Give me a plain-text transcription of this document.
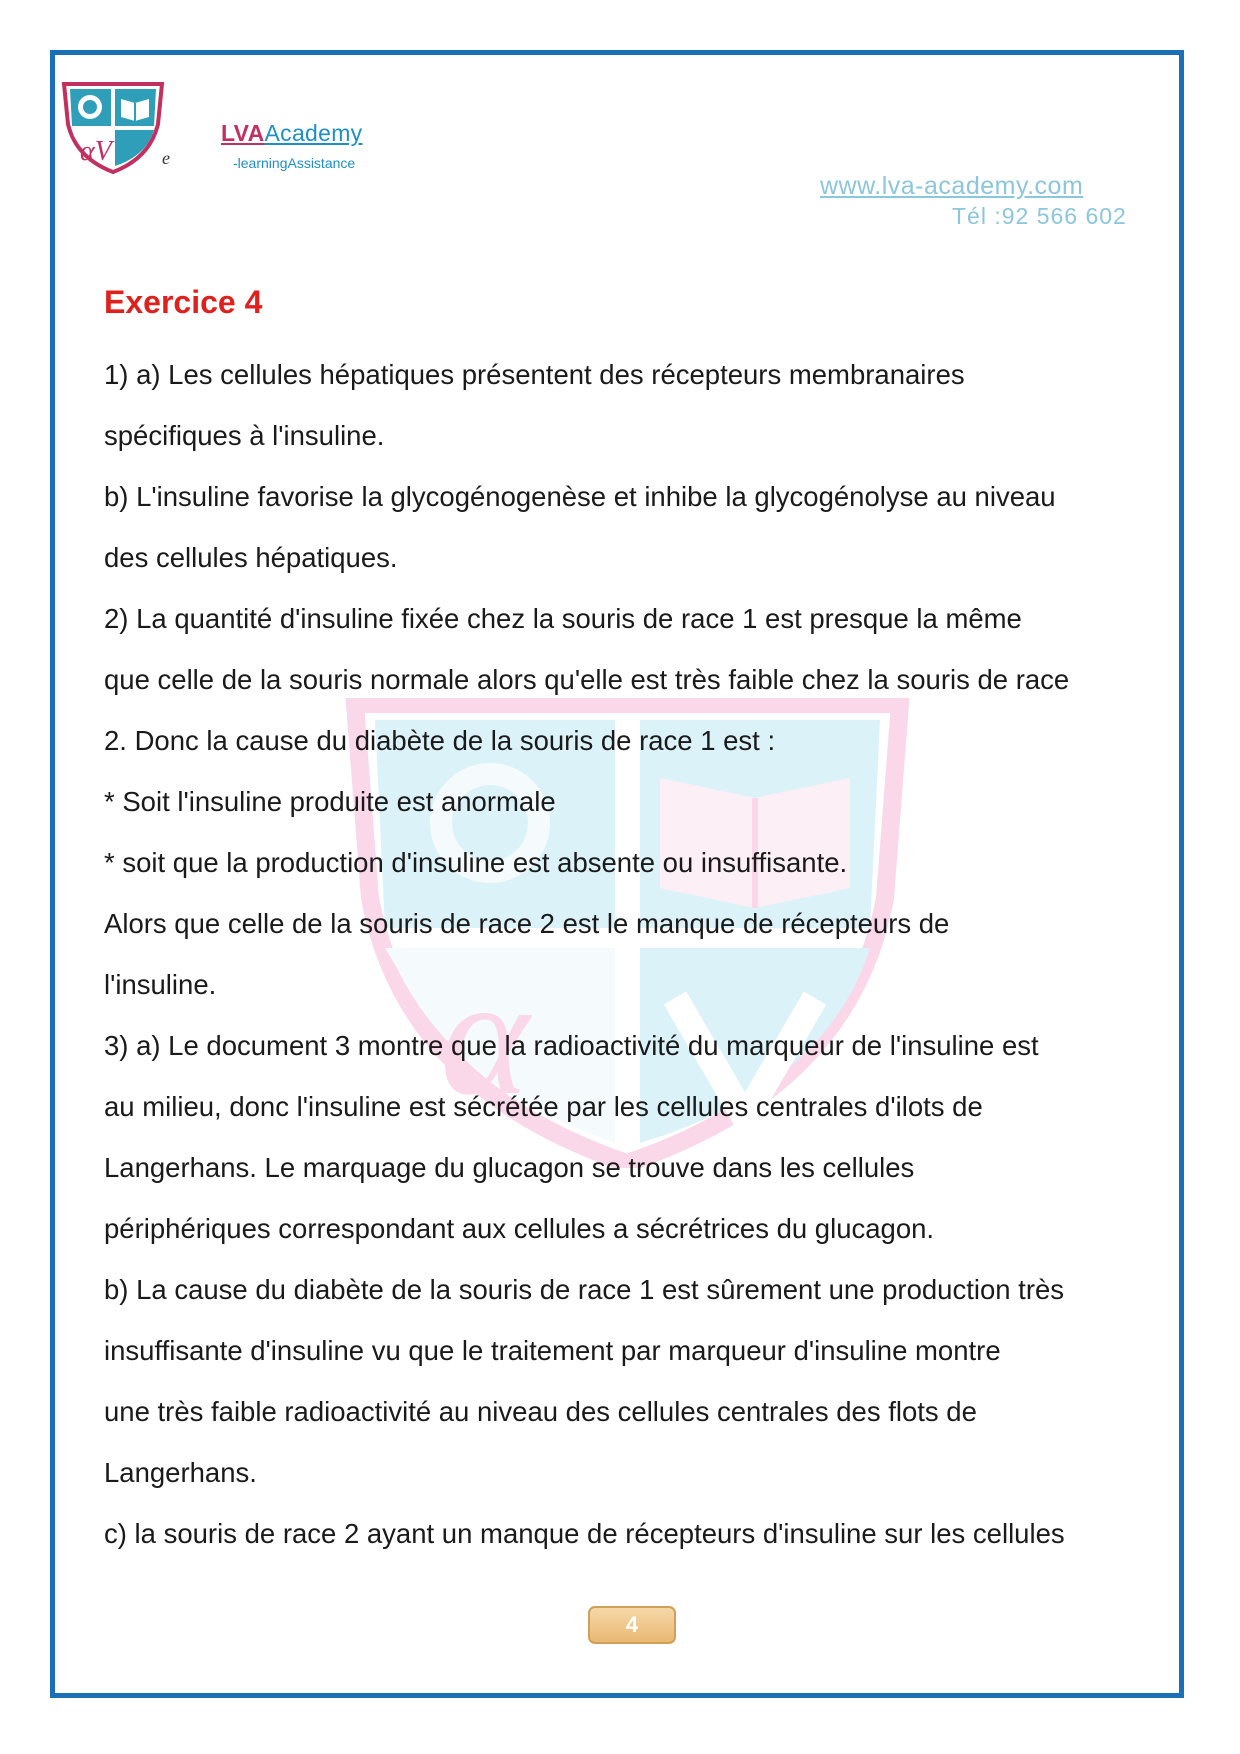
αV	e
LVAAcademy
-learningAssistance
www.lva-academy.com
Tél :92 566 602
α
Exercice 4
1) a) Les cellules hépatiques présentent des récepteurs membranaires
spécifiques à l'insuline.
b) L'insuline favorise la glycogénogenèse et inhibe la glycogénolyse au niveau
des cellules hépatiques.
2) La quantité d'insuline fixée chez la souris de race 1 est presque la même
que celle de la souris normale alors qu'elle est très faible chez la souris de race
2. Donc la cause du diabète de la souris de race 1 est :
* Soit l'insuline produite est anormale
* soit que la production d'insuline est absente ou insuffisante.
Alors que celle de la souris de race 2 est le manque de récepteurs de
l'insuline.
3) a) Le document 3 montre que la radioactivité du marqueur de l'insuline est
au milieu, donc l'insuline est sécrétée par les cellules centrales d'ilots de
Langerhans. Le marquage du glucagon se trouve dans les cellules
périphériques correspondant aux cellules a sécrétrices du glucagon.
b) La cause du diabète de la souris de race 1 est sûrement une production très
insuffisante d'insuline vu que le traitement par marqueur d'insuline montre
une très faible radioactivité au niveau des cellules centrales des flots de
Langerhans.
c) la souris de race 2 ayant un manque de récepteurs d'insuline sur les cellules
4
